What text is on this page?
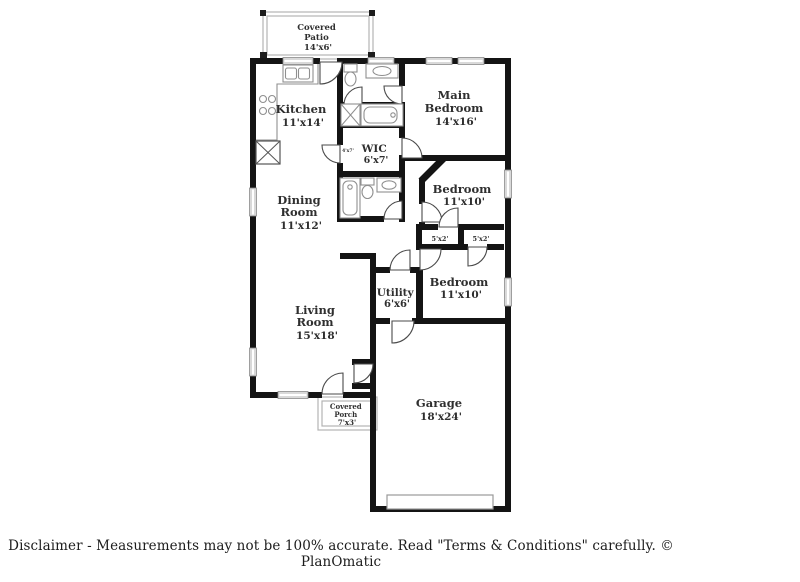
Covered Patio 14'x6'
Kitchen 11'x14'
Main Bedroom 14'x16'
WIC 6'x7'
4'x7'
Bedroom 11'x10'
Dining Room 11'x12'
5'x2'	5'x2'
Bedroom 11'x10'
Utility 6'x6'
Living Room 15'x18'
Garage 18'x24'
Covered Porch 7'x3'
Disclaimer - Measurements may not be 100% accurate. Read "Terms & Conditions" carefully. © PlanOmatic
